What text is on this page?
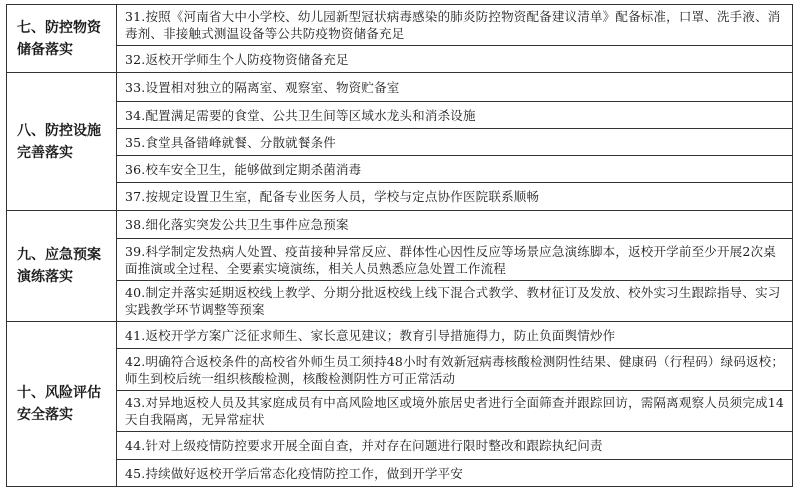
七、防控物资储备落实	31.按照《河南省大中小学校、幼儿园新型冠状病毒感染的肺炎防控物资配备建议清单》配备标准，口罩、洗手液、消毒剂、非接触式测温设备等公共防疫物资储备充足
	32.返校开学师生个人防疫物资储备充足
八、防控设施完善落实	33.设置相对独立的隔离室、观察室、物资贮备室
	34.配置满足需要的食堂、公共卫生间等区域水龙头和消杀设施
	35.食堂具备错峰就餐、分散就餐条件
	36.校车安全卫生，能够做到定期杀菌消毒
	37.按规定设置卫生室，配备专业医务人员，学校与定点协作医院联系顺畅
九、应急预案演练落实	38.细化落实突发公共卫生事件应急预案
	39.科学制定发热病人处置、疫苗接种异常反应、群体性心因性反应等场景应急演练脚本，返校开学前至少开展2次桌面推演或全过程、全要素实境演练，相关人员熟悉应急处置工作流程
	40.制定并落实延期返校线上教学、分期分批返校线上线下混合式教学、教材征订及发放、校外实习生跟踪指导、实习实践教学环节调整等预案
十、风险评估安全落实	41.返校开学方案广泛征求师生、家长意见建议；教育引导措施得力，防止负面舆情炒作
	42.明确符合返校条件的高校省外师生员工须持48小时有效新冠病毒核酸检测阴性结果、健康码（行程码）绿码返校；师生到校后统一组织核酸检测，核酸检测阴性方可正常活动
	43.对异地返校人员及其家庭成员有中高风险地区或境外旅居史者进行全面筛查并跟踪回访，需隔离观察人员须完成14天自我隔离，无异常症状
	44.针对上级疫情防控要求开展全面自查，并对存在问题进行限时整改和跟踪执纪问责
	45.持续做好返校开学后常态化疫情防控工作，做到开学平安
